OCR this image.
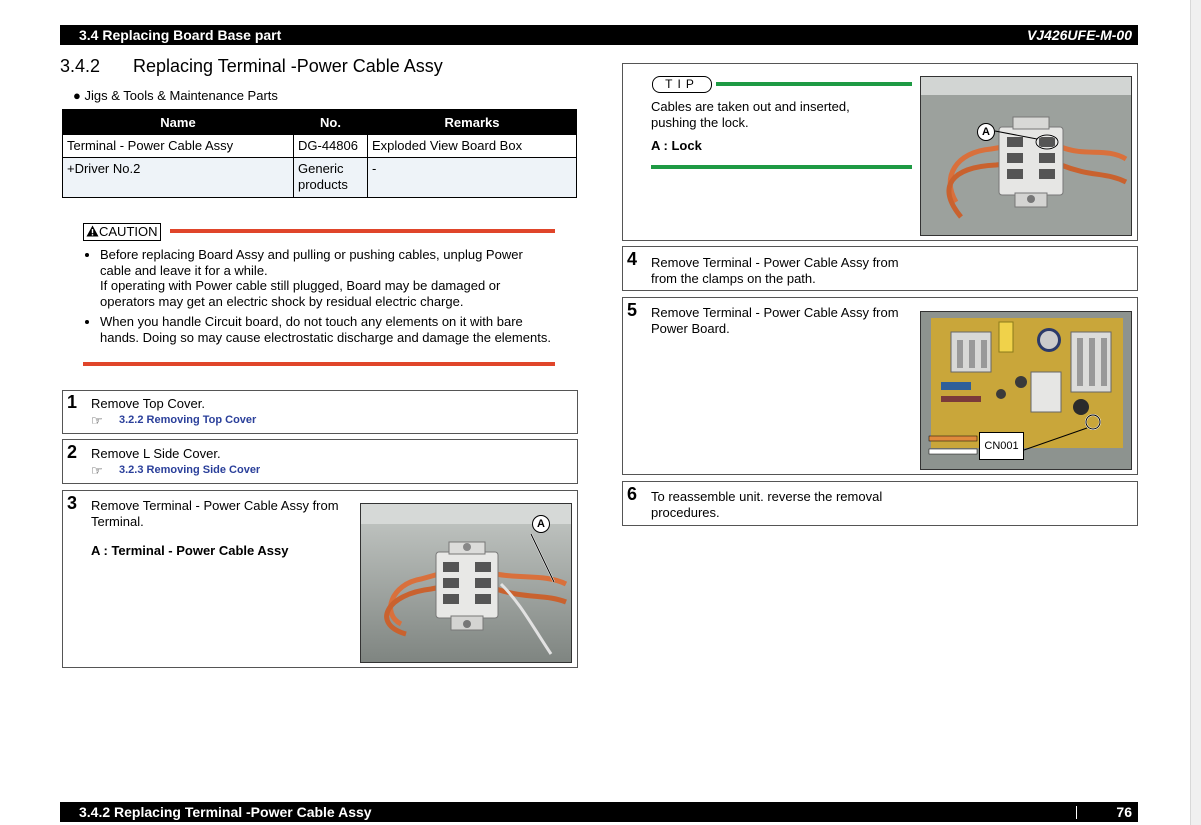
3.4 Replacing Board Base part	VJ426UFE-M-00
3.4.2 Replacing Terminal -Power Cable Assy
● Jigs & Tools & Maintenance Parts
Name	No.	Remarks
Terminal - Power Cable Assy	DG-44806	Exploded View Board Box
+Driver No.2	Generic products	-
CAUTION
• Before replacing Board Assy and pulling or pushing cables, unplug Power cable and leave it for a while.
If operating with Power cable still plugged, Board may be damaged or operators may get an electric shock by residual electric charge.
• When you handle Circuit board, do not touch any elements on it with bare hands. Doing so may cause electrostatic discharge and damage the elements.
1 Remove Top Cover.
☞ 3.2.2 Removing Top Cover
2 Remove L Side Cover.
☞ 3.2.3 Removing Side Cover
3 Remove Terminal - Power Cable Assy from Terminal.
A : Terminal - Power Cable Assy
A
TIP
Cables are taken out and inserted, pushing the lock.
A : Lock
A
4 Remove Terminal - Power Cable Assy from from the clamps on the path.
5 Remove Terminal - Power Cable Assy from Power Board.
CN001
6 To reassemble unit. reverse the removal procedures.
3.4.2 Replacing Terminal -Power Cable Assy	76
